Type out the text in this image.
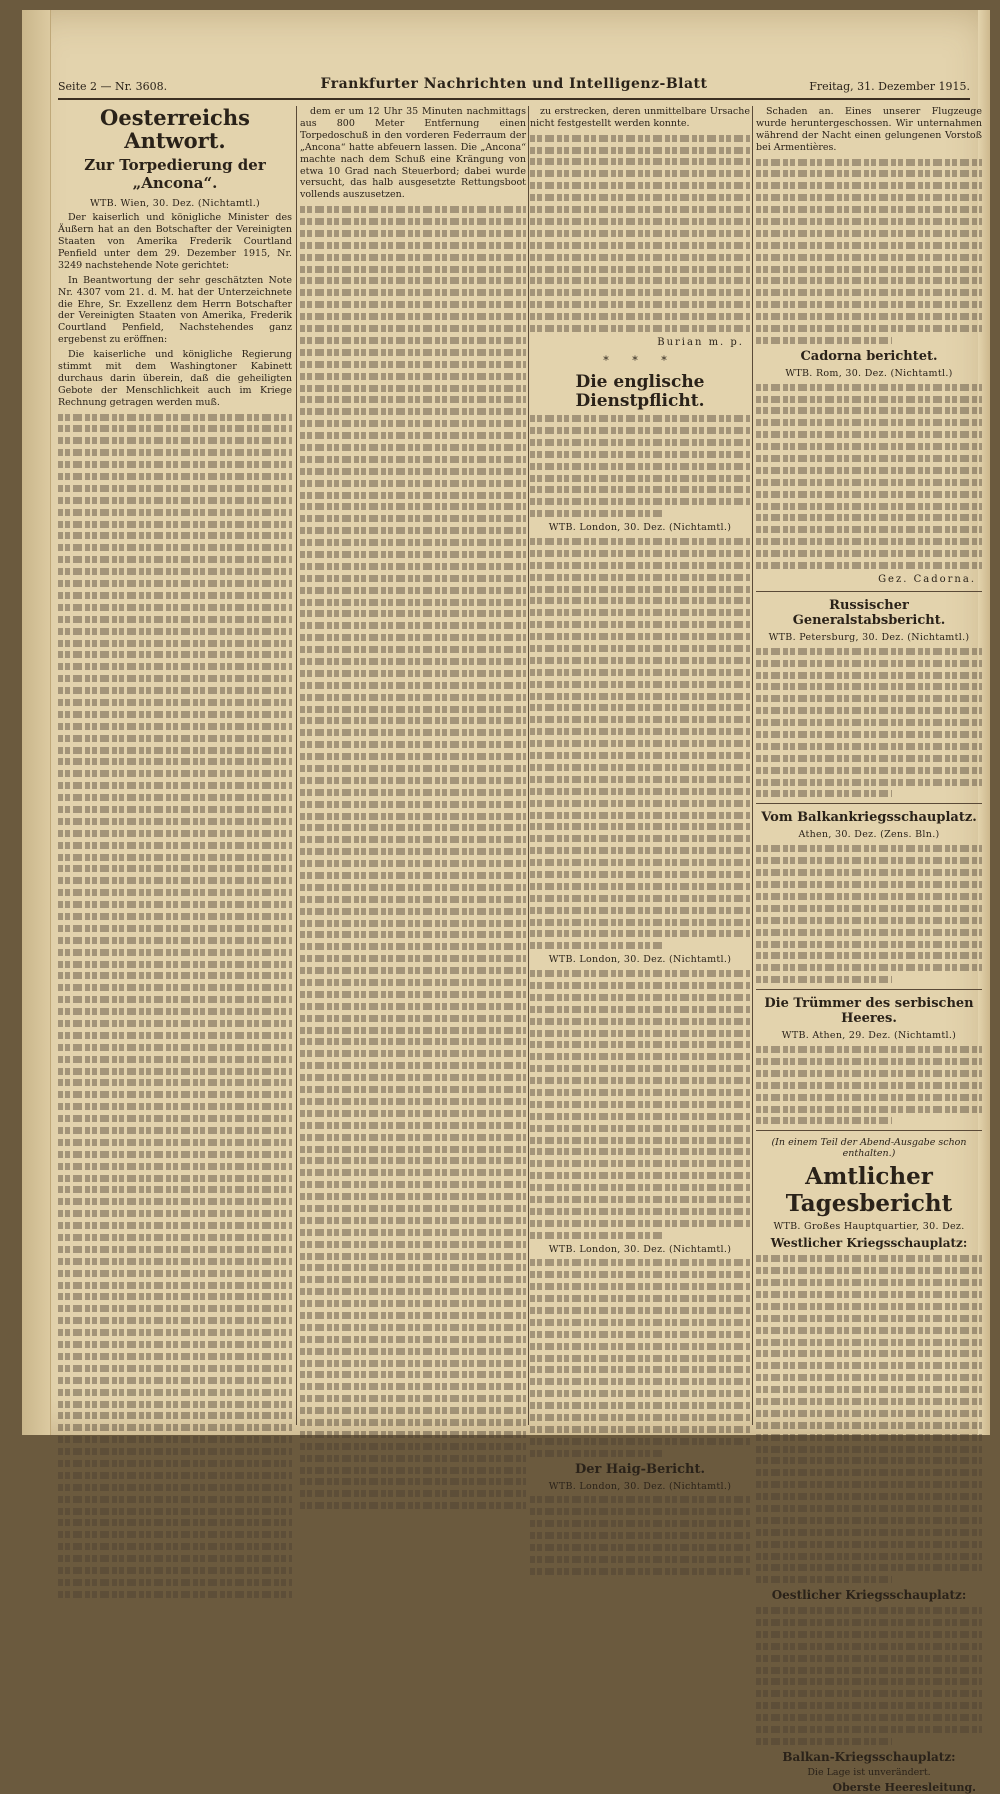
Seite 2 — Nr. 3608.	Frankfurter Nachrichten und Intelligenz-Blatt	Freitag, 31. Dezember 1915.
Oesterreichs Antwort.
Zur Torpedierung der „Ancona“.
WTB. Wien, 30. Dez. (Nichtamtl.)

Der kaiserlich und königliche Minister des Äußern hat an den Botschafter der Vereinigten Staaten von Amerika Frederik Courtland Penfield unter dem 29. Dezember 1915, Nr. 3249 nachstehende Note gerichtet:

In Beantwortung der sehr geschätzten Note Nr. 4307 vom 21. d. M. hat der Unterzeichnete die Ehre, Sr. Exzellenz dem Herrn Botschafter der Vereinigten Staaten von Amerika, Frederik Courtland Penfield, Nachstehendes ganz ergebenst zu eröffnen:

Die kaiserliche und königliche Regierung stimmt mit dem Washingtoner Kabinett durchaus darin überein, daß die geheiligten Gebote der Menschlichkeit auch im Kriege Rechnung getragen werden muß.

dem er um 12 Uhr 35 Minuten nachmittags aus 800 Meter Entfernung einen Torpedoschuß in den vorderen Federraum der „Ancona“ hatte abfeuern lassen. Die „Ancona“ machte nach dem Schuß eine Krängung von etwa 10 Grad nach Steuerbord; dabei wurde versucht, das halb ausgesetzte Rettungsboot vollends auszusetzen.

zu erstrecken, deren unmittelbare Ursache nicht festgestellt werden konnte.

Burian m. p.
* * *
Die englische Dienstpflicht.
WTB. London, 30. Dez. (Nichtamtl.)
WTB. London, 30. Dez. (Nichtamtl.)
WTB. London, 30. Dez. (Nichtamtl.)
Der Haig-Bericht.
WTB. London, 30. Dez. (Nichtamtl.)

Schaden an. Eines unserer Flugzeuge wurde heruntergeschossen. Wir unternahmen während der Nacht einen gelungenen Vorstoß bei Armentières.

Cadorna berichtet.
WTB. Rom, 30. Dez. (Nichtamtl.)
Gez. Cadorna.
Russischer Generalstabsbericht.
WTB. Petersburg, 30. Dez. (Nichtamtl.)
Vom Balkankriegsschauplatz.
Athen, 30. Dez. (Zens. Bln.)
Die Trümmer des serbischen Heeres.
WTB. Athen, 29. Dez. (Nichtamtl.)
(In einem Teil der Abend-Ausgabe schon enthalten.)
Amtlicher Tagesbericht
WTB. Großes Hauptquartier, 30. Dez.
Westlicher Kriegsschauplatz:
Oestlicher Kriegsschauplatz:
Balkan-Kriegsschauplatz:
Die Lage ist unverändert.
Oberste Heeresleitung.
